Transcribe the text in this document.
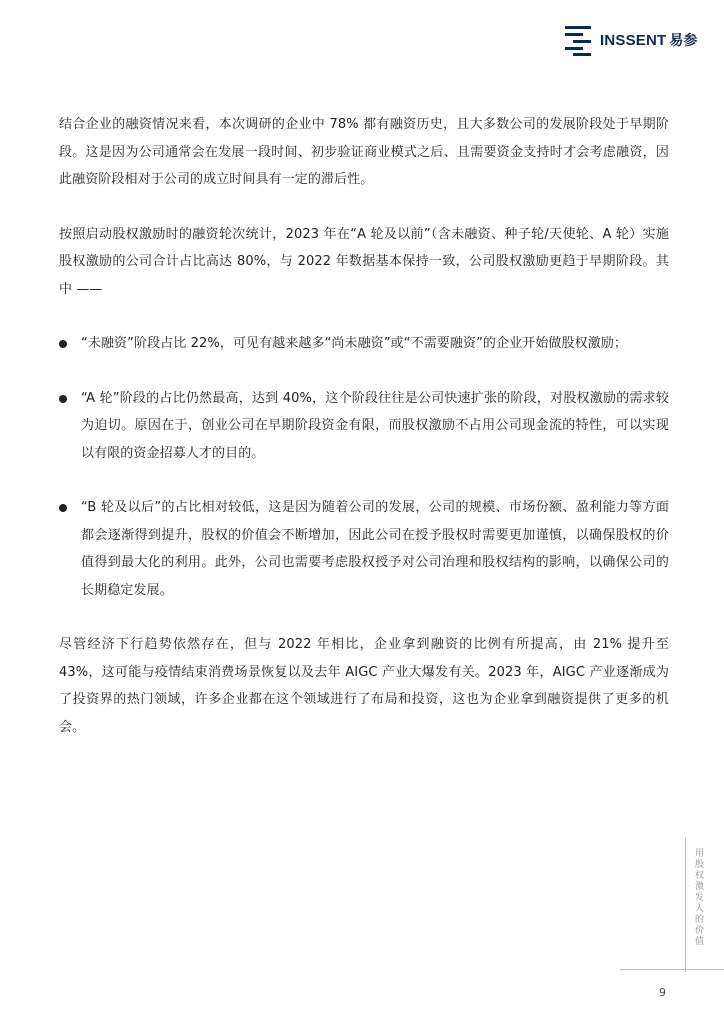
INSSENT 易参

结合企业的融资情况来看，本次调研的企业中 78% 都有融资历史，且大多数公司的发展阶段处于早期阶段。这是因为公司通常会在发展一段时间、初步验证商业模式之后、且需要资金支持时才会考虑融资，因此融资阶段相对于公司的成立时间具有一定的滞后性。

按照启动股权激励时的融资轮次统计，2023 年在“A 轮及以前”（含未融资、种子轮/天使轮、A 轮）实施股权激励的公司合计占比高达 80%，与 2022 年数据基本保持一致，公司股权激励更趋于早期阶段。其中 ——

“未融资”阶段占比 22%，可见有越来越多“尚未融资”或“不需要融资”的企业开始做股权激励；

“A 轮”阶段的占比仍然最高，达到 40%，这个阶段往往是公司快速扩张的阶段，对股权激励的需求较为迫切。原因在于，创业公司在早期阶段资金有限，而股权激励不占用公司现金流的特性，可以实现以有限的资金招募人才的目的。

“B 轮及以后”的占比相对较低，这是因为随着公司的发展，公司的规模、市场份额、盈利能力等方面都会逐渐得到提升，股权的价值会不断增加，因此公司在授予股权时需要更加谨慎，以确保股权的价值得到最大化的利用。此外，公司也需要考虑股权授予对公司治理和股权结构的影响，以确保公司的长期稳定发展。

尽管经济下行趋势依然存在，但与 2022 年相比，企业拿到融资的比例有所提高，由 21% 提升至 43%，这可能与疫情结束消费场景恢复以及去年 AIGC 产业大爆发有关。2023 年，AIGC 产业逐渐成为了投资界的热门领域，许多企业都在这个领域进行了布局和投资，这也为企业拿到融资提供了更多的机会。

用股权激发人的价值
9
